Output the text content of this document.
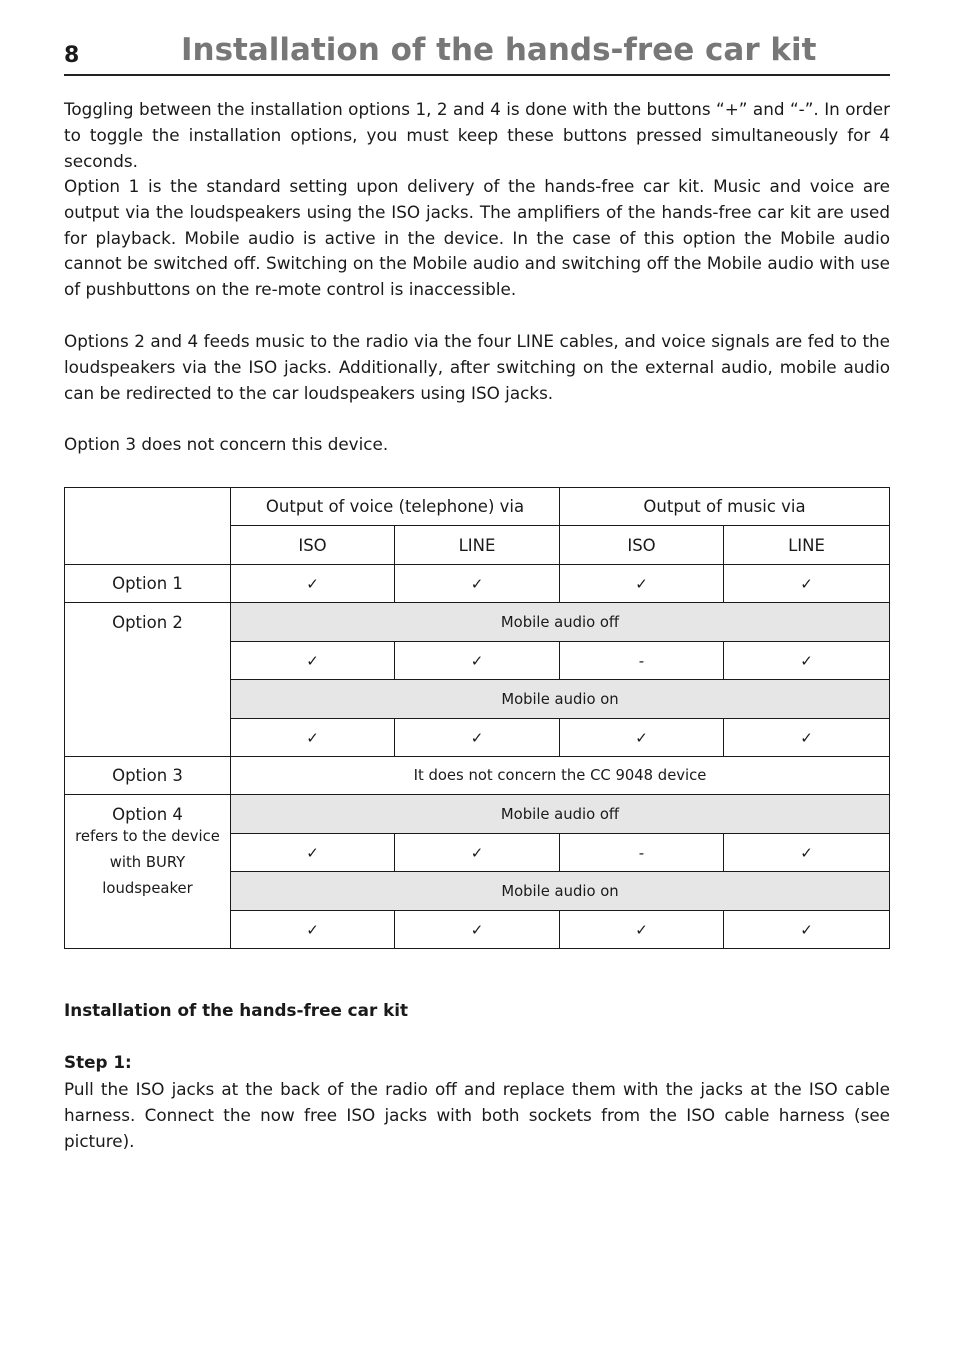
8	Installation of the hands-free car kit

Toggling between the installation options 1, 2 and 4 is done with the buttons “+” and “-”. In order to toggle the installation options, you must keep these buttons pressed simultaneously for 4 seconds.

Option 1 is the standard setting upon delivery of the hands-free car kit. Music and voice are output via the loudspeakers using the ISO jacks. The amplifiers of the hands-free car kit are used for playback. Mobile audio is active in the device. In the case of this option the Mobile audio cannot be switched off. Switching on the Mobile audio and switching off the Mobile audio with use of pushbuttons on the re-mote control is inaccessible.

Options 2 and 4 feeds music to the radio via the four LINE cables, and voice signals are fed to the loudspeakers via the ISO jacks. Additionally, after switching on the external audio, mobile audio can be redirected to the car loudspeakers using ISO jacks.

Option 3 does not concern this device.

	Output of voice (telephone) via		Output of music via	
	ISO	LINE	ISO	LINE
Option 1	✓	✓	✓	✓
Option 2	Mobile audio off			
	✓	✓	-	✓
	Mobile audio on			
	✓	✓	✓	✓
Option 3	It does not concern the CC 9048 device			
Option 4
refers to the device
with BURY
loudspeaker	Mobile audio off			
	✓	✓	-	✓
	Mobile audio on			
	✓	✓	✓	✓

Installation of the hands-free car kit

Step 1:

Pull the ISO jacks at the back of the radio off and replace them with the jacks at the ISO cable harness. Connect the now free ISO jacks with both sockets from the ISO cable harness (see picture).
